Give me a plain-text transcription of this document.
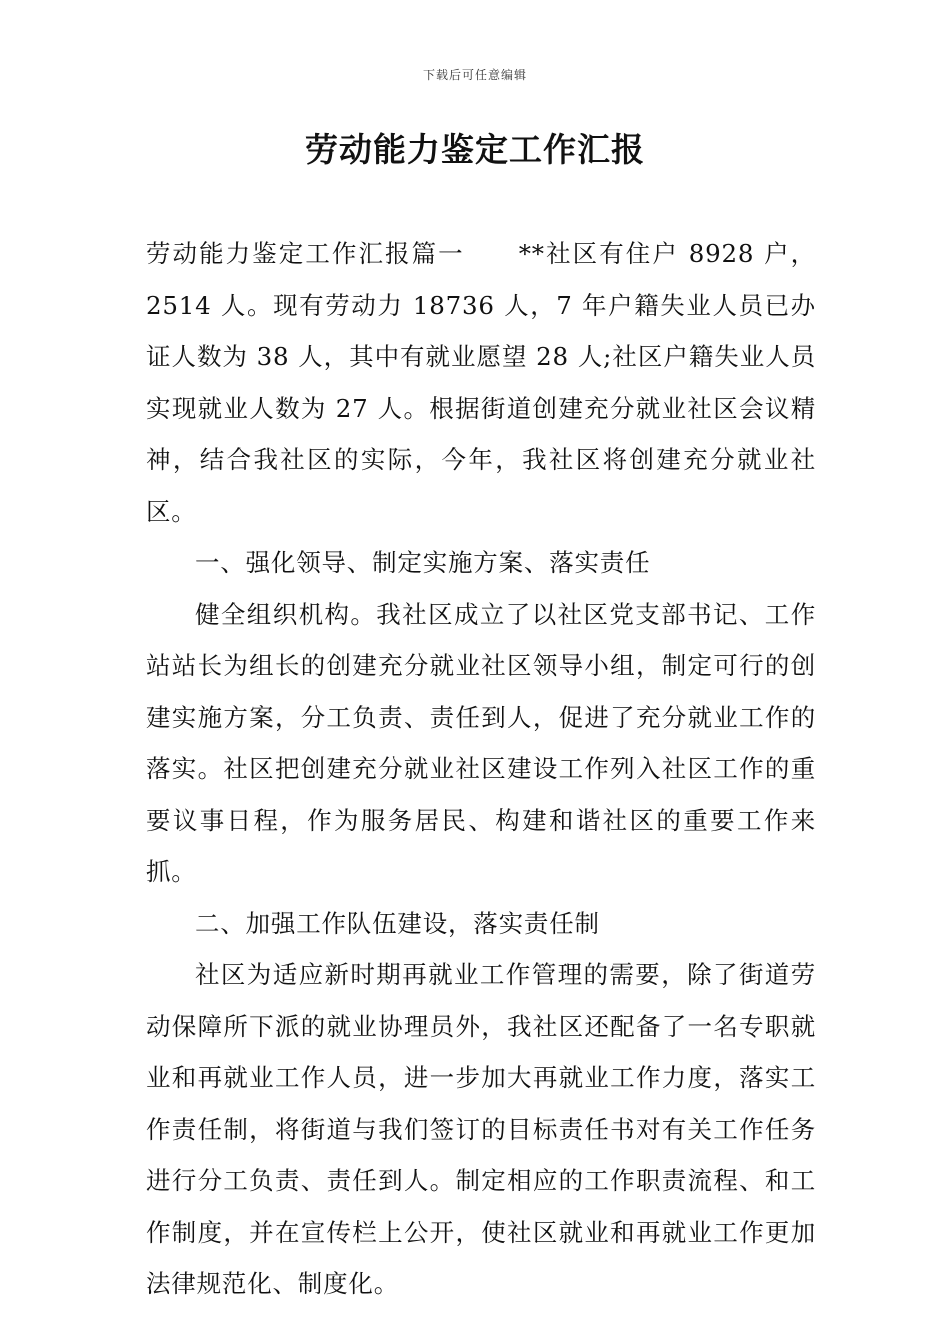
下载后可任意编辑
劳动能力鉴定工作汇报

劳动能力鉴定工作汇报篇一 **社区有住户 8928 户，2514 人。现有劳动力 18736 人，7 年户籍失业人员已办证人数为 38 人，其中有就业愿望 28 人;社区户籍失业人员实现就业人数为 27 人。根据街道创建充分就业社区会议精神，结合我社区的实际，今年，我社区将创建充分就业社区。

一、强化领导、制定实施方案、落实责任

健全组织机构。我社区成立了以社区党支部书记、工作站站长为组长的创建充分就业社区领导小组，制定可行的创建实施方案，分工负责、责任到人，促进了充分就业工作的落实。社区把创建充分就业社区建设工作列入社区工作的重要议事日程，作为服务居民、构建和谐社区的重要工作来抓。

二、加强工作队伍建设，落实责任制

社区为适应新时期再就业工作管理的需要，除了街道劳动保障所下派的就业协理员外，我社区还配备了一名专职就业和再就业工作人员，进一步加大再就业工作力度，落实工作责任制，将街道与我们签订的目标责任书对有关工作任务进行分工负责、责任到人。制定相应的工作职责流程、和工作制度，并在宣传栏上公开，使社区就业和再就业工作更加法律规范化、制度化。
